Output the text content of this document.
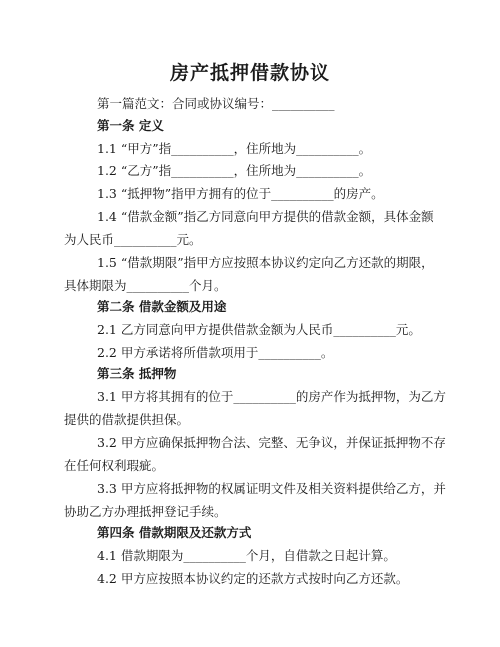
房产抵押借款协议
第一篇范文：合同或协议编号：__________
第一条 定义
1.1 “甲方”指__________，住所地为__________。
1.2 “乙方”指__________，住所地为__________。
1.3 “抵押物”指甲方拥有的位于__________的房产。
1.4 “借款金额”指乙方同意向甲方提供的借款金额，具体金额
为人民币__________元。
1.5 “借款期限”指甲方应按照本协议约定向乙方还款的期限，
具体期限为__________个月。
第二条 借款金额及用途
2.1 乙方同意向甲方提供借款金额为人民币__________元。
2.2 甲方承诺将所借款项用于__________。
第三条 抵押物
3.1 甲方将其拥有的位于__________的房产作为抵押物，为乙方
提供的借款提供担保。
3.2 甲方应确保抵押物合法、完整、无争议，并保证抵押物不存
在任何权利瑕疵。
3.3 甲方应将抵押物的权属证明文件及相关资料提供给乙方，并
协助乙方办理抵押登记手续。
第四条 借款期限及还款方式
4.1 借款期限为__________个月，自借款之日起计算。
4.2 甲方应按照本协议约定的还款方式按时向乙方还款。
